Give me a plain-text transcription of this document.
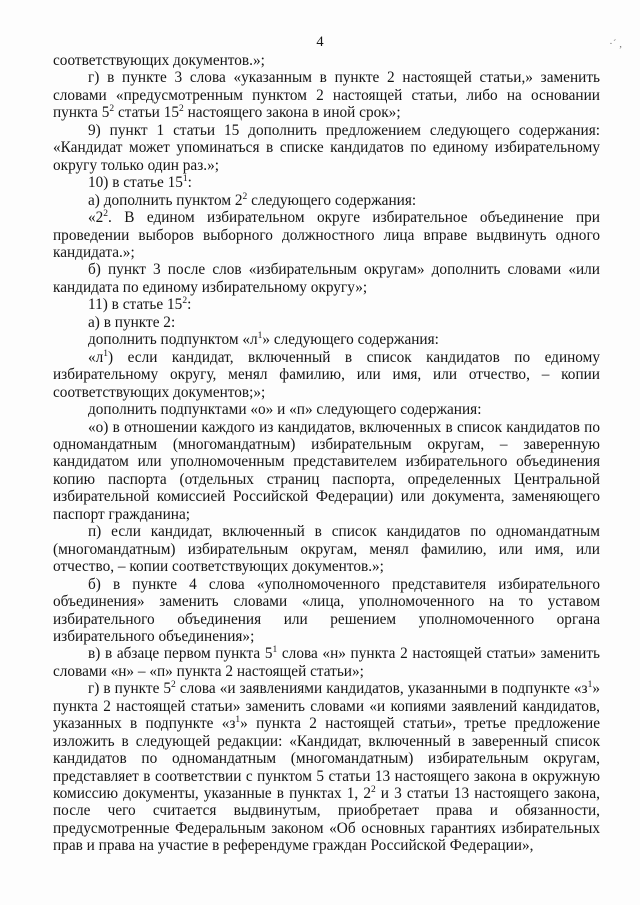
4	·ˊ ,

соответствующих документов.»;

г) в пункте 3 слова «указанным в пункте 2 настоящей статьи,» заменить словами «предусмотренным пунктом 2 настоящей статьи, либо на основании пункта $5^2$ статьи $15^2$ настоящего закона в иной срок»;

9) пункт 1 статьи 15 дополнить предложением следующего содержания: «Кандидат может упоминаться в списке кандидатов по единому избирательному округу только один раз.»;

10) в статье $15^1$:

а) дополнить пунктом $2^2$ следующего содержания:

«$2^2$. В едином избирательном округе избирательное объединение при проведении выборов выборного должностного лица вправе выдвинуть одного кандидата.»;

б) пункт 3 после слов «избирательным округам» дополнить словами «или кандидата по единому избирательному округу»;

11) в статье $15^2$:

а) в пункте 2:

дополнить подпунктом «$л^1$» следующего содержания:

«$л^1$) если кандидат, включенный в список кандидатов по единому избирательному округу, менял фамилию, или имя, или отчество, – копии соответствующих документов;»;

дополнить подпунктами «о» и «п» следующего содержания:

«о) в отношении каждого из кандидатов, включенных в список кандидатов по одномандатным (многомандатным) избирательным округам, – заверенную кандидатом или уполномоченным представителем избирательного объединения копию паспорта (отдельных страниц паспорта, определенных Центральной избирательной комиссией Российской Федерации) или документа, заменяющего паспорт гражданина;

п) если кандидат, включенный в список кандидатов по одномандатным (многомандатным) избирательным округам, менял фамилию, или имя, или отчество, – копии соответствующих документов.»;

б) в пункте 4 слова «уполномоченного представителя избирательного объединения» заменить словами «лица, уполномоченного на то уставом избирательного объединения или решением уполномоченного органа избирательного объединения»;

в) в абзаце первом пункта $5^1$ слова «н» пункта 2 настоящей статьи» заменить словами «н» – «п» пункта 2 настоящей статьи»;

г) в пункте $5^2$ слова «и заявлениями кандидатов, указанными в подпункте «$з^1$» пункта 2 настоящей статьи» заменить словами «и копиями заявлений кандидатов, указанных в подпункте «$з^1$» пункта 2 настоящей статьи», третье предложение изложить в следующей редакции: «Кандидат, включенный в заверенный список кандидатов по одномандатным (многомандатным) избирательным округам, представляет в соответствии с пунктом 5 статьи 13 настоящего закона в окружную комиссию документы, указанные в пунктах 1, $2^2$ и 3 статьи 13 настоящего закона, после чего считается выдвинутым, приобретает права и обязанности, предусмотренные Федеральным законом «Об основных гарантиях избирательных прав и права на участие в референдуме граждан Российской Федерации»,
